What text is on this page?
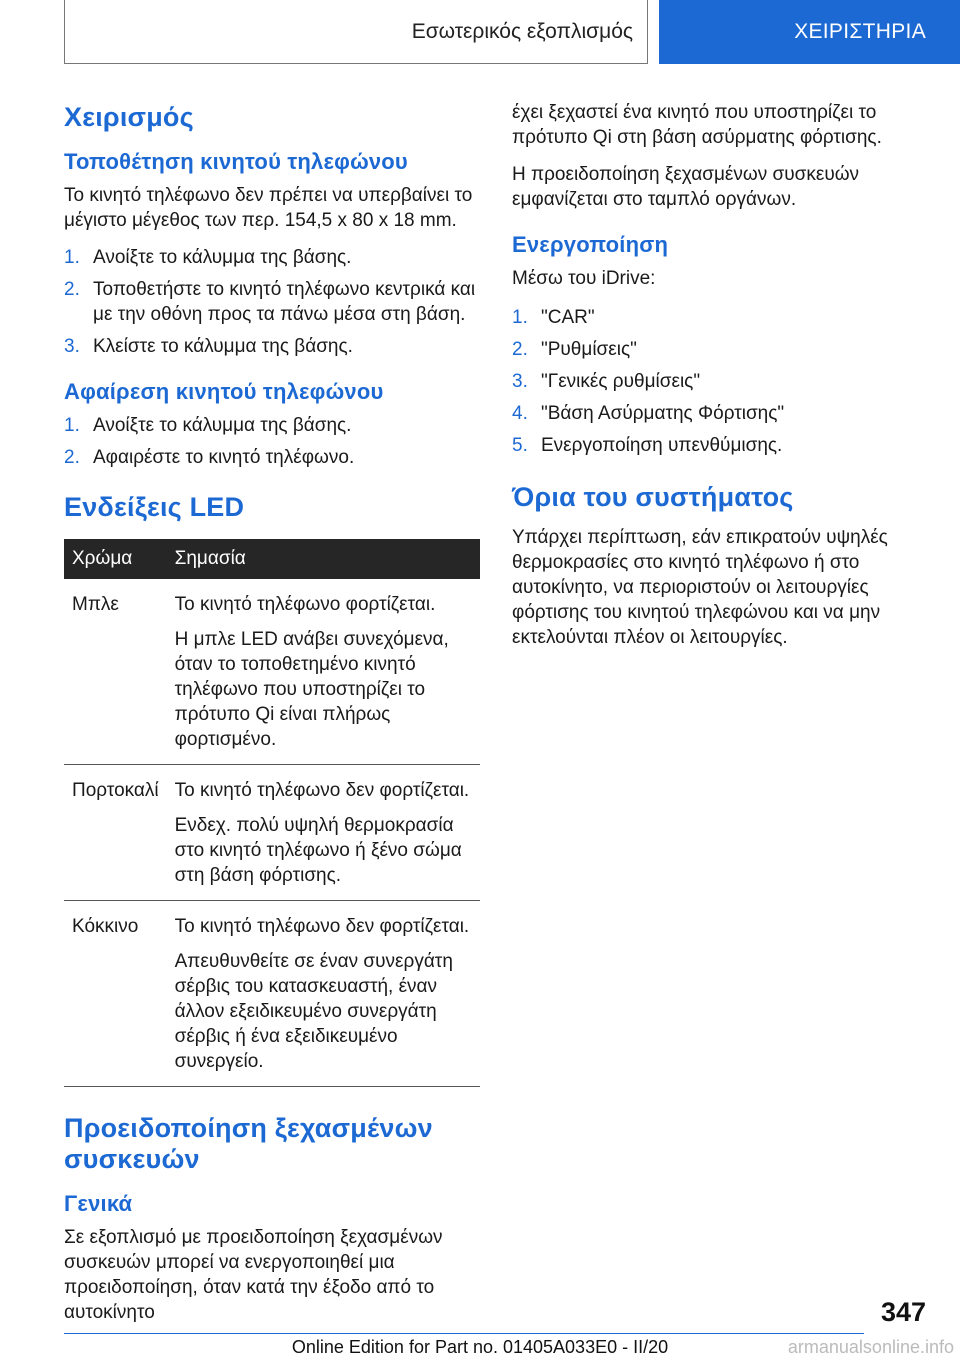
Εσωτερικός εξοπλισμός	ΧΕΙΡΙΣΤΗΡΙΑ
Χειρισμός
Τοποθέτηση κινητού τηλεφώνου

Το κινητό τηλέφωνο δεν πρέπει να υπερβαίνει το μέγιστο μέγεθος των περ. 154,5 x 80 x 18 mm.

1. Ανοίξτε το κάλυμμα της βάσης.
2. Τοποθετήστε το κινητό τηλέφωνο κεντρικά και με την οθόνη προς τα πάνω μέσα στη βάση.
3. Κλείστε το κάλυμμα της βάσης.
Αφαίρεση κινητού τηλεφώνου
1. Ανοίξτε το κάλυμμα της βάσης.
2. Αφαιρέστε το κινητό τηλέφωνο.
Ενδείξεις LED
Χρώμα	Σημασία
Μπλε	Το κινητό τηλέφωνο φορτίζεται.
Η μπλε LED ανάβει συνεχόμενα, όταν το τοποθετημένο κινητό τηλέφωνο που υποστηρίζει το πρότυπο Qi είναι πλήρως φορτισμένο.

Πορτοκαλί	Το κινητό τηλέφωνο δεν φορτίζεται.
Ενδεχ. πολύ υψηλή θερμοκρασία στο κινητό τηλέφωνο ή ξένο σώμα στη βάση φόρτισης.

Κόκκινο	Το κινητό τηλέφωνο δεν φορτίζεται.
Απευθυνθείτε σε έναν συνεργάτη σέρβις του κατασκευαστή, έναν άλλον εξειδικευμένο συνεργάτη σέρβις ή ένα εξειδικευμένο συνεργείο.
Προειδοποίηση ξεχασμένων συσκευών
Γενικά

Σε εξοπλισμό με προειδοποίηση ξεχασμένων συσκευών μπορεί να ενεργοποιηθεί μια προειδοποίηση, όταν κατά την έξοδο από το αυτοκίνητο

έχει ξεχαστεί ένα κινητό που υποστηρίζει το πρότυπο Qi στη βάση ασύρματης φόρτισης.

Η προειδοποίηση ξεχασμένων συσκευών εμφανίζεται στο ταμπλό οργάνων.

Ενεργοποίηση

Μέσω του iDrive:

1. "CAR"
2. "Ρυθμίσεις"
3. "Γενικές ρυθμίσεις"
4. "Βάση Ασύρματης Φόρτισης"
5. Ενεργοποίηση υπενθύμισης.
Όρια του συστήματος

Υπάρχει περίπτωση, εάν επικρατούν υψηλές θερμοκρασίες στο κινητό τηλέφωνο ή στο αυτοκίνητο, να περιοριστούν οι λειτουργίες φόρτισης του κινητού τηλεφώνου και να μην εκτελούνται πλέον οι λειτουργίες.

347
Online Edition for Part no. 01405A033E0 - II/20	armanualsonline.info
